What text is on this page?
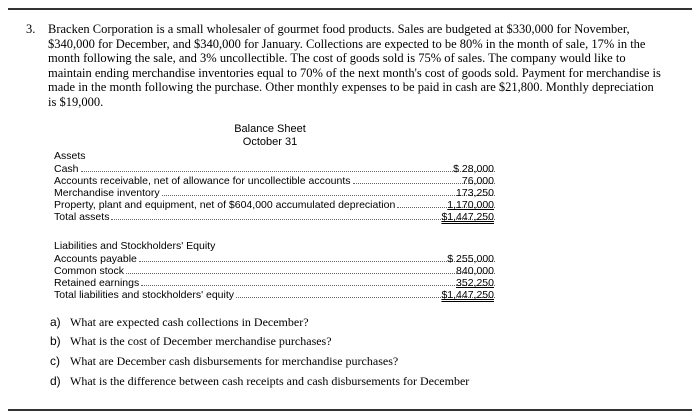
3. Bracken Corporation is a small wholesaler of gourmet food products. Sales are budgeted at $330,000 for November,
$340,000 for December, and $340,000 for January. Collections are expected to be 80% in the month of sale, 17% in the
month following the sale, and 3% uncollectible. The cost of goods sold is 75% of sales. The company would like to
maintain ending merchandise inventories equal to 70% of the next month's cost of goods sold. Payment for merchandise is
made in the month following the purchase. Other monthly expenses to be paid in cash are $21,800. Monthly depreciation
is $19,000.
Balance Sheet
October 31
Assets
Cash	$ 28,000
Accounts receivable, net of allowance for uncollectible accounts	76,000
Merchandise inventory	173,250
Property, plant and equipment, net of $604,000 accumulated depreciation	1,170,000
Total assets	$1,447,250
Liabilities and Stockholders' Equity
Accounts payable	$ 255,000
Common stock	840,000
Retained earnings	352,250
Total liabilities and stockholders' equity	$1,447,250
a) What are expected cash collections in December?
b) What is the cost of December merchandise purchases?
c) What are December cash disbursements for merchandise purchases?
d) What is the difference between cash receipts and cash disbursements for December
